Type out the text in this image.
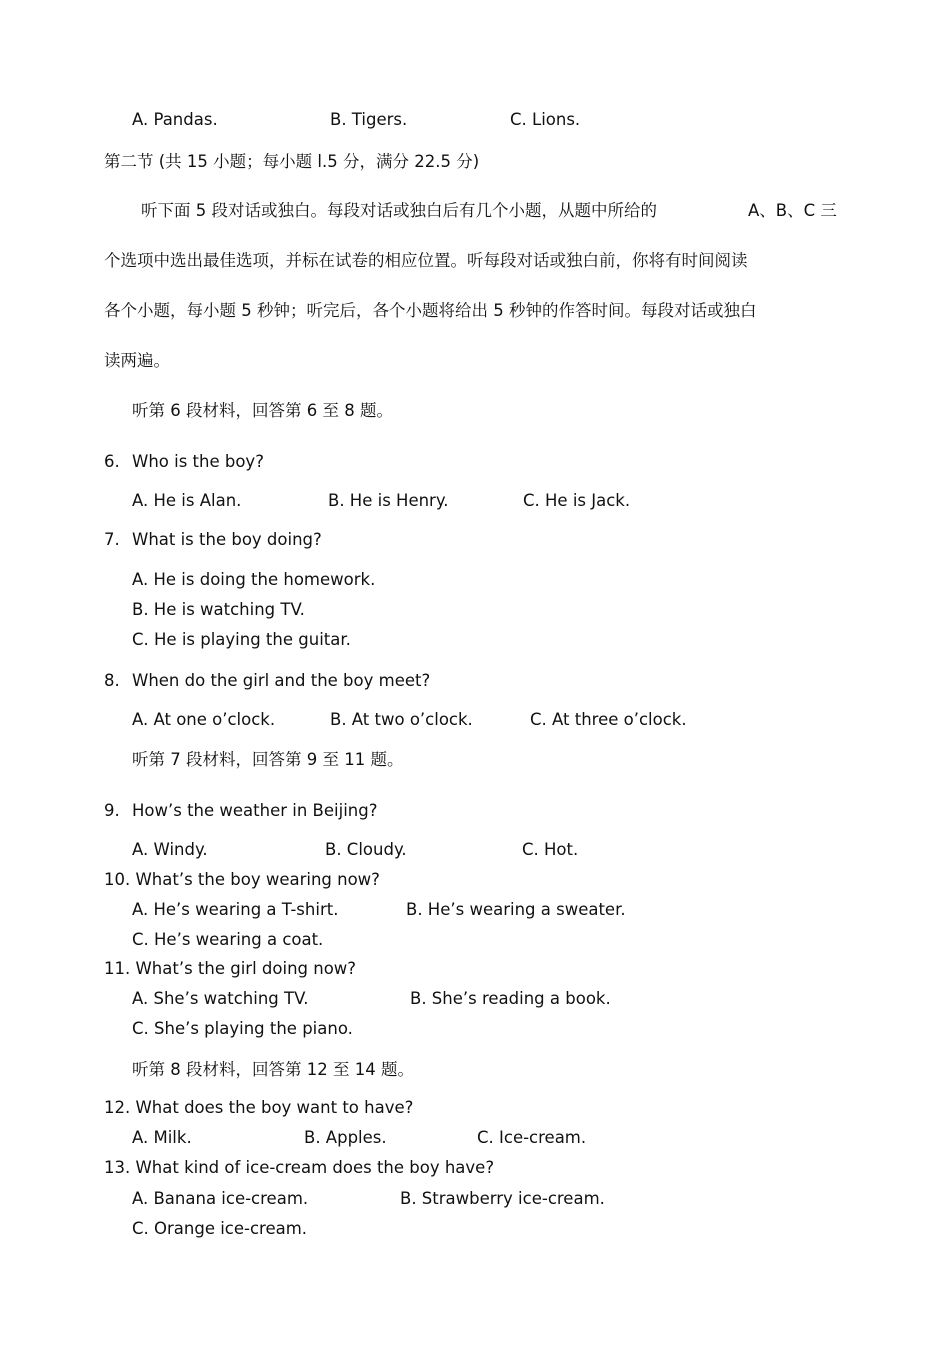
A. Pandas.	B. Tigers.	C. Lions.
第二节 (共 15 小题；每小题 l.5 分，满分 22.5 分)
听下面 5 段对话或独白。每段对话或独白后有几个小题，从题中所给的	A、B、C 三
个选项中选出最佳选项，并标在试卷的相应位置。听每段对话或独白前，你将有时间阅读
各个小题，每小题 5 秒钟；听完后，各个小题将给出 5 秒钟的作答时间。每段对话或独白
读两遍。
听第 6 段材料，回答第 6 至 8 题。
6. Who is the boy?
A. He is Alan.	B. He is Henry.	C. He is Jack.
7. What is the boy doing?
A. He is doing the homework.
B. He is watching TV.
C. He is playing the guitar.
8. When do the girl and the boy meet?
A. At one o’clock.	B. At two o’clock.	C. At three o’clock.
听第 7 段材料，回答第 9 至 11 题。
9. How’s the weather in Beijing?
A. Windy.	B. Cloudy.	C. Hot.
10. What’s the boy wearing now?
A. He’s wearing a T-shirt.	B. He’s wearing a sweater.
C. He’s wearing a coat.
11. What’s the girl doing now?
A. She’s watching TV.	B. She’s reading a book.
C. She’s playing the piano.
听第 8 段材料，回答第 12 至 14 题。
12. What does the boy want to have?
A. Milk.	B. Apples.	C. Ice-cream.
13. What kind of ice-cream does the boy have?
A. Banana ice-cream.	B. Strawberry ice-cream.
C. Orange ice-cream.
